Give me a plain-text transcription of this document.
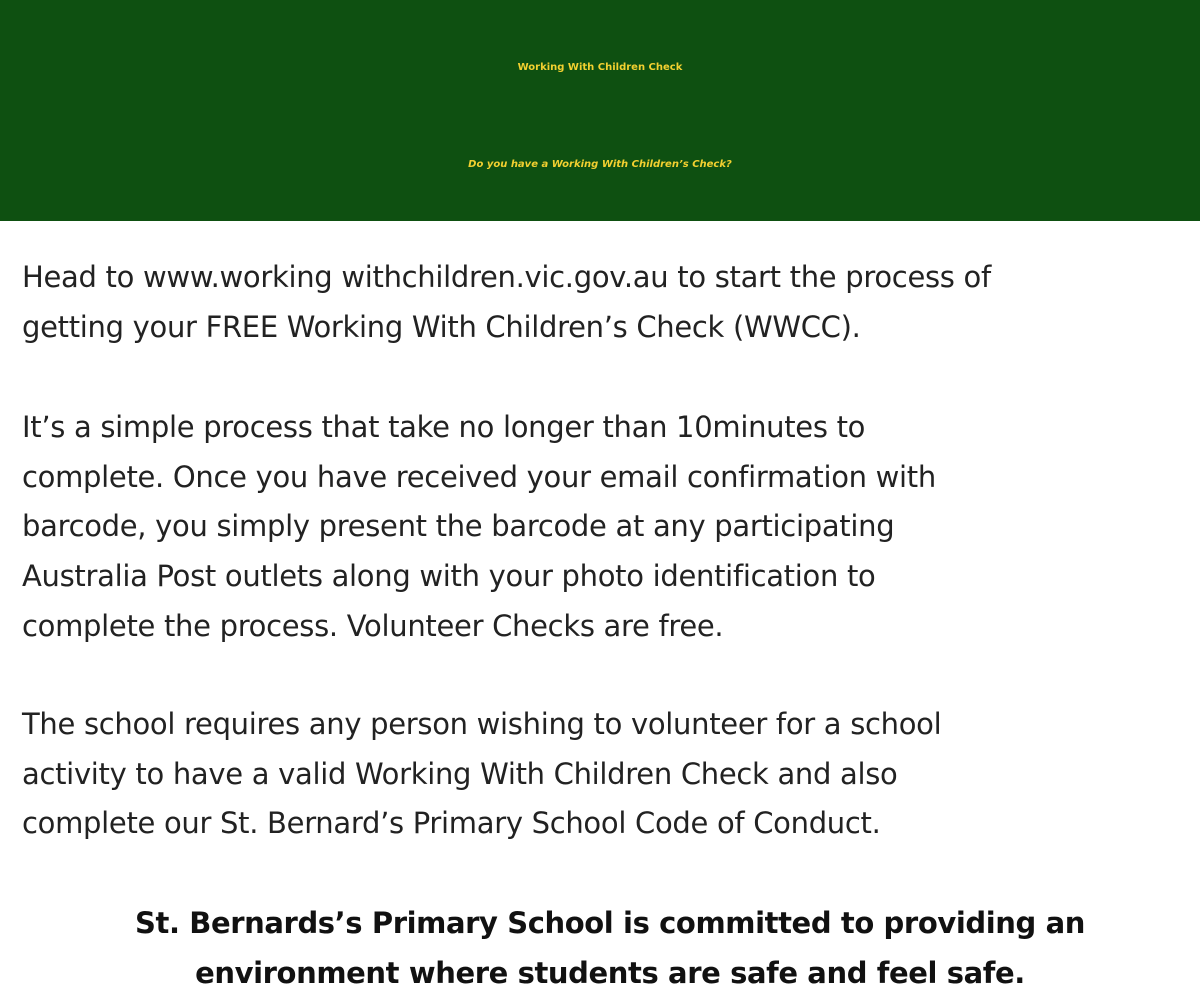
Working With Children Check
Do you have a Working With Children’s Check?
Head to www.working withchildren.vic.gov.au to start the process of
getting your FREE Working With Children’s Check (WWCC).
It’s a simple process that take no longer than 10minutes to
complete. Once you have received your email confirmation with
barcode, you simply present the barcode at any participating
Australia Post outlets along with your photo identification to
complete the process. Volunteer Checks are free.
The school requires any person wishing to volunteer for a school
activity to have a valid Working With Children Check and also
complete our St. Bernard’s Primary School Code of Conduct.
St. Bernards’s Primary School is committed to providing an
environment where students are safe and feel safe.
